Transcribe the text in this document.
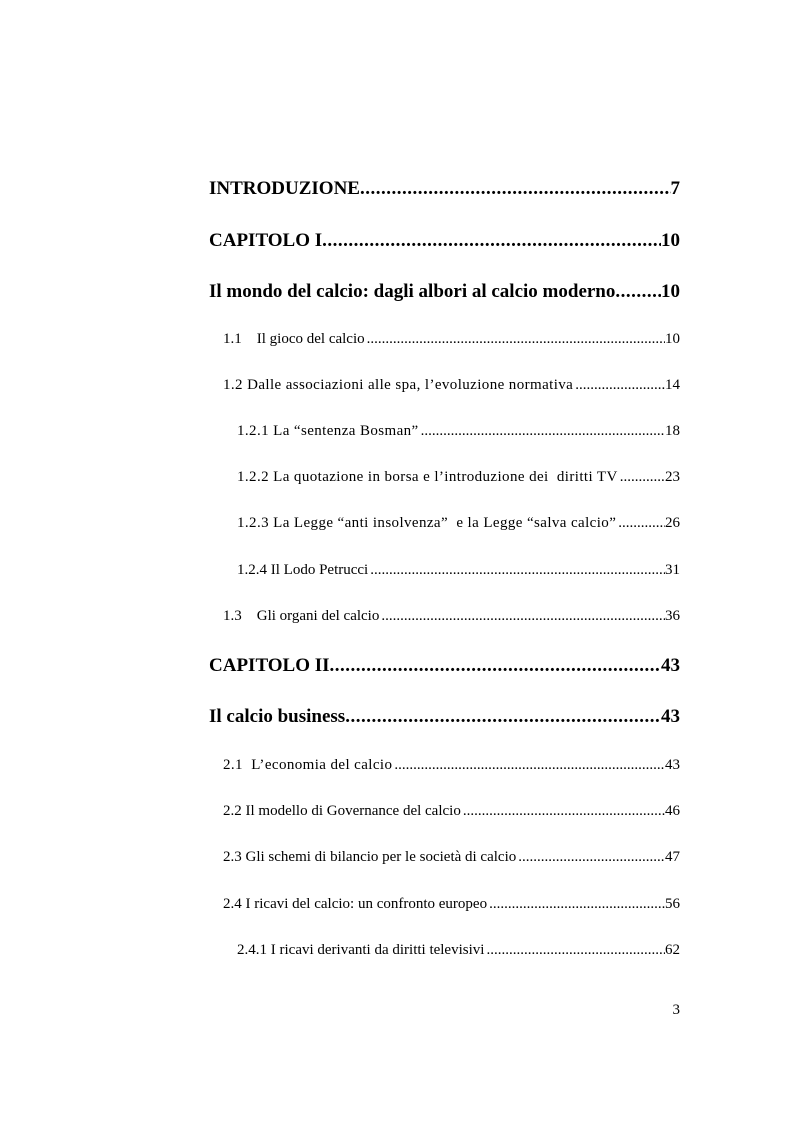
INTRODUZIONE .....	7
CAPITOLO I .....	10
Il mondo del calcio: dagli albori al calcio moderno ..... 10
1.1    Il gioco del calcio .....	10
1.2 Dalle associazioni alle spa, l’evoluzione normativa .....	14
1.2.1 La “sentenza Bosman” .....	18
1.2.2 La quotazione in borsa e l’introduzione dei  diritti TV .....	23
1.2.3 La Legge “anti insolvenza”  e la Legge “salva calcio” .....	26
1.2.4 Il Lodo Petrucci .....	31
1.3    Gli organi del calcio .....	36
CAPITOLO II .....	43
Il calcio business .....	43
2.1  L’economia del calcio .....	43
2.2 Il modello di Governance del calcio .....	46
2.3 Gli schemi di bilancio per le società di calcio .....	47
2.4 I ricavi del calcio: un confronto europeo .....	56
2.4.1 I ricavi derivanti da diritti televisivi .....	62
3
